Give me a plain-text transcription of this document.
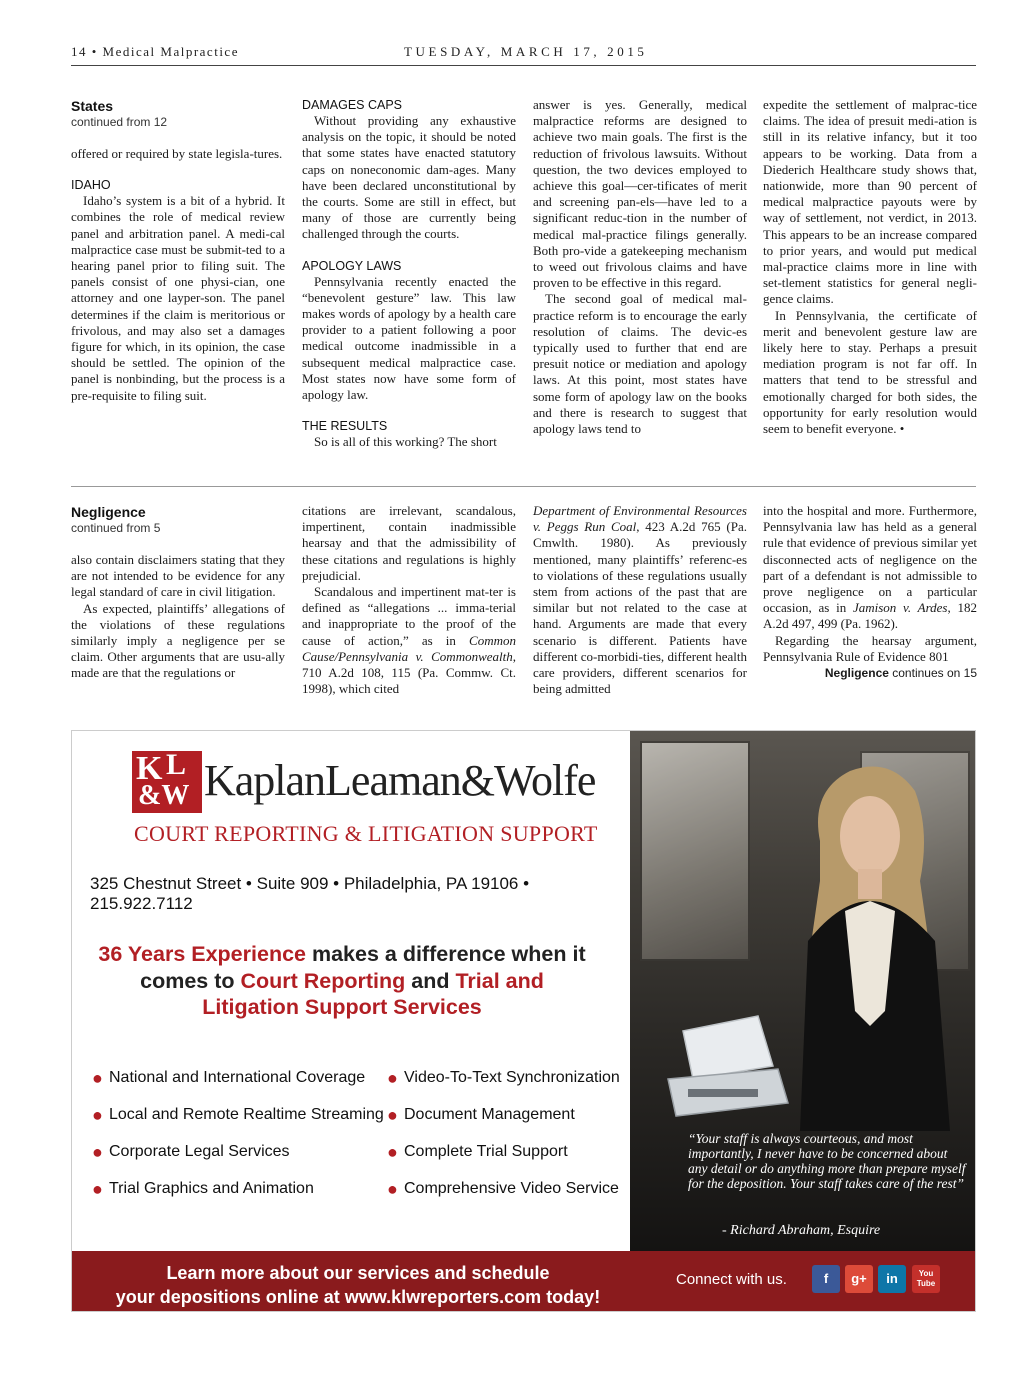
14 • Medical Malpractice	TUESDAY, MARCH 17, 2015
States
continued from 12

offered or required by state legisla-tures.

IDAHO

Idaho’s system is a bit of a hybrid. It combines the role of medical review panel and arbitration panel. A medi-cal malpractice case must be submit-ted to a hearing panel prior to filing suit. The panels consist of one physi-cian, one attorney and one layper-son. The panel determines if the claim is meritorious or frivolous, and may also set a damages figure for which, in its opinion, the case should be settled. The opinion of the panel is nonbinding, but the process is a pre-requisite to filing suit.

DAMAGES CAPS

Without providing any exhaustive analysis on the topic, it should be noted that some states have enacted statutory caps on noneconomic dam-ages. Many have been declared unconstitutional by the courts. Some are still in effect, but many of those are currently being challenged through the courts.

APOLOGY LAWS

Pennsylvania recently enacted the “benevolent gesture” law. This law makes words of apology by a health care provider to a patient following a poor medical outcome inadmissible in a subsequent medical malpractice case. Most states now have some form of apology law.

THE RESULTS

So is all of this working? The short

answer is yes. Generally, medical malpractice reforms are designed to achieve two main goals. The first is the reduction of frivolous lawsuits. Without question, the two devices employed to achieve this goal—cer-tificates of merit and screening pan-els—have led to a significant reduc-tion in the number of medical mal-practice filings generally. Both pro-vide a gatekeeping mechanism to weed out frivolous claims and have proven to be effective in this regard.

The second goal of medical mal-practice reform is to encourage the early resolution of claims. The devic-es typically used to further that end are presuit notice or mediation and apology laws. At this point, most states have some form of apology law on the books and there is research to suggest that apology laws tend to

expedite the settlement of malprac-tice claims. The idea of presuit medi-ation is still in its relative infancy, but it too appears to be working. Data from a Diederich Healthcare study shows that, nationwide, more than 90 percent of medical malpractice payouts were by way of settlement, not verdict, in 2013. This appears to be an increase compared to prior years, and would put medical mal-practice claims more in line with set-tlement statistics for general negli-gence claims.

In Pennsylvania, the certificate of merit and benevolent gesture law are likely here to stay. Perhaps a presuit mediation program is not far off. In matters that tend to be stressful and emotionally charged for both sides, the opportunity for early resolution would seem to benefit everyone. •

Negligence
continued from 5

also contain disclaimers stating that they are not intended to be evidence for any legal standard of care in civil litigation.

As expected, plaintiffs’ allegations of the violations of these regulations similarly imply a negligence per se claim. Other arguments that are usu-ally made are that the regulations or

citations are irrelevant, scandalous, impertinent, contain inadmissible hearsay and that the admissibility of these citations and regulations is highly prejudicial.

Scandalous and impertinent mat-ter is defined as “allegations ... imma-terial and inappropriate to the proof of the cause of action,” as in Common Cause/Pennsylvania v. Commonwealth, 710 A.2d 108, 115 (Pa. Commw. Ct. 1998), which cited

Department of Environmental Resources v. Peggs Run Coal, 423 A.2d 765 (Pa. Cmwlth. 1980). As previously mentioned, many plaintiffs’ referenc-es to violations of these regulations usually stem from actions of the past that are similar but not related to the case at hand. Arguments are made that every scenario is different. Patients have different co-morbidi-ties, different health care providers, different scenarios for being admitted

into the hospital and more. Furthermore, Pennsylvania law has held as a general rule that evidence of previous similar yet disconnected acts of negligence on the part of a defendant is not admissible to prove negligence on a particular occasion, as in Jamison v. Ardes, 182 A.2d 497, 499 (Pa. 1962).

Regarding the hearsay argument, Pennsylvania Rule of Evidence 801

Negligence continues on 15
K L
&W KaplanLeaman&Wolfe
COURT REPORTING & LITIGATION SUPPORT
325 Chestnut Street • Suite 909 • Philadelphia, PA 19106 • 215.922.7112
36 Years Experience makes a difference when it comes to Court Reporting and Trial and Litigation Support Services
● National and International Coverage
● Local and Remote Realtime Streaming
● Corporate Legal Services
● Trial Graphics and Animation
● Video-To-Text Synchronization
● Document Management
● Complete Trial Support
● Comprehensive Video Service
“Your staff is always courteous, and most importantly, I never have to be concerned about any detail or do anything more than prepare myself for the deposition. Your staff takes care of the rest”
- Richard Abraham, Esquire
Learn more about our services and schedule
your depositions online at www.klwreporters.com today!
Connect with us.	f	g+	in	You Tube
